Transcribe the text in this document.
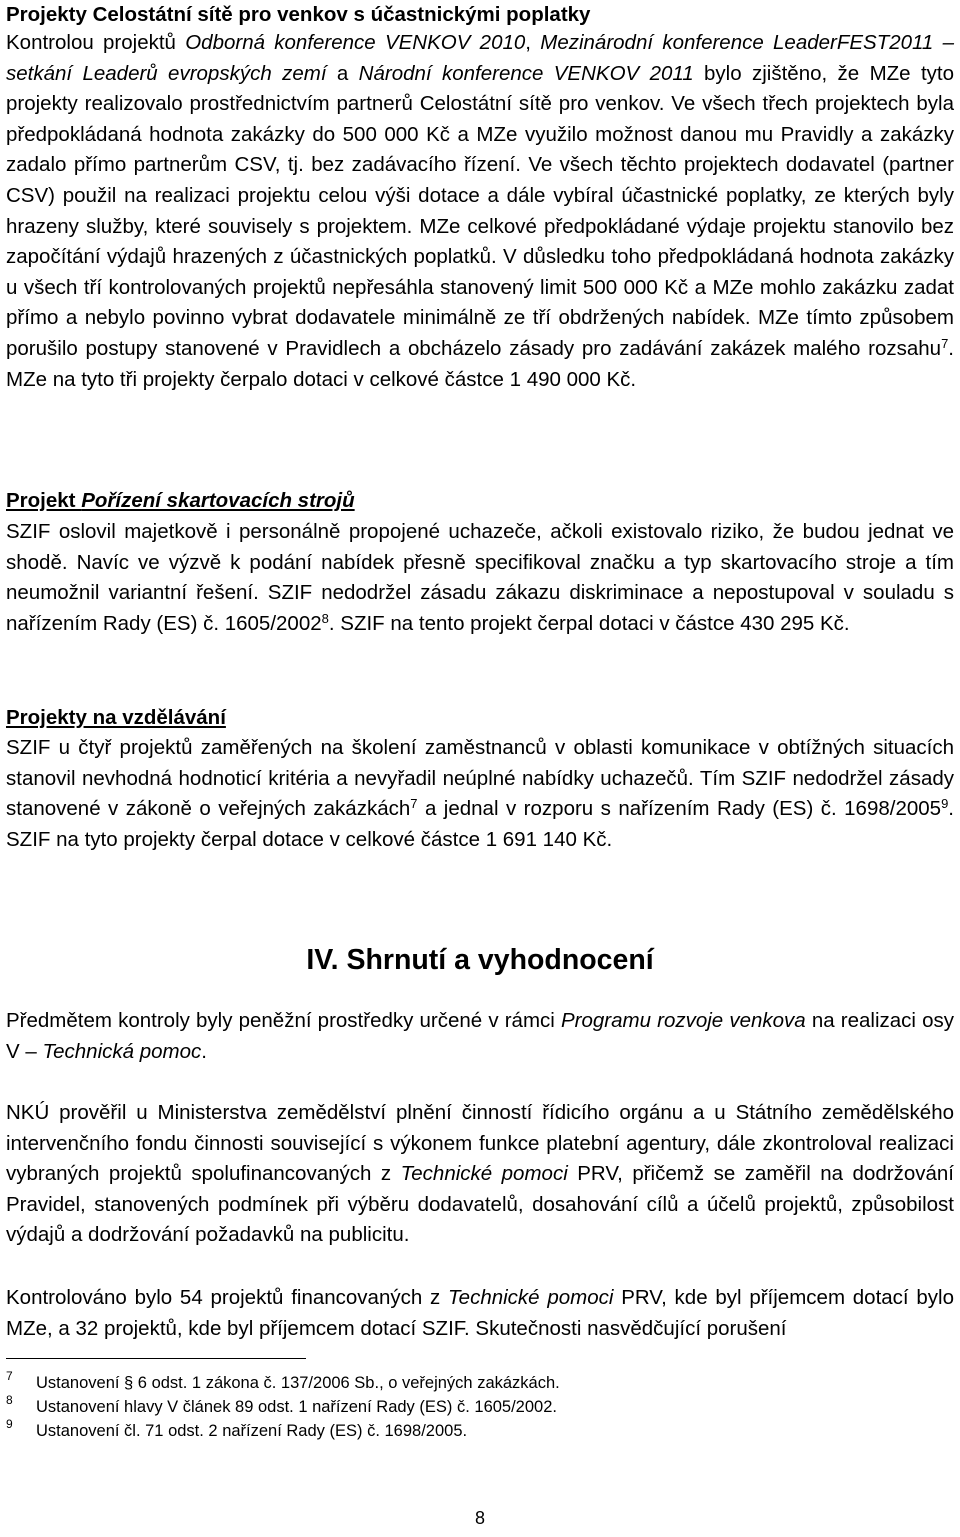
Projekty Celostátní sítě pro venkov s účastnickými poplatky

Kontrolou projektů Odborná konference VENKOV 2010, Mezinárodní konference LeaderFEST2011 – setkání Leaderů evropských zemí a Národní konference VENKOV 2011 bylo zjištěno, že MZe tyto projekty realizovalo prostřednictvím partnerů Celostátní sítě pro venkov. Ve všech třech projektech byla předpokládaná hodnota zakázky do 500 000 Kč a MZe využilo možnost danou mu Pravidly a zakázky zadalo přímo partnerům CSV, tj. bez zadávacího řízení. Ve všech těchto projektech dodavatel (partner CSV) použil na realizaci projektu celou výši dotace a dále vybíral účastnické poplatky, ze kterých byly hrazeny služby, které souvisely s projektem. MZe celkové předpokládané výdaje projektu stanovilo bez započítání výdajů hrazených z účastnických poplatků. V důsledku toho předpokládaná hodnota zakázky u všech tří kontrolovaných projektů nepřesáhla stanovený limit 500 000 Kč a MZe mohlo zakázku zadat přímo a nebylo povinno vybrat dodavatele minimálně ze tří obdržených nabídek. MZe tímto způsobem porušilo postupy stanovené v Pravidlech a obcházelo zásady pro zadávání zakázek malého rozsahu$^7$. MZe na tyto tři projekty čerpalo dotaci v celkové částce 1 490 000 Kč.

Projekt Pořízení skartovacích strojů

SZIF oslovil majetkově i personálně propojené uchazeče, ačkoli existovalo riziko, že budou jednat ve shodě. Navíc ve výzvě k podání nabídek přesně specifikoval značku a typ skartovacího stroje a tím neumožnil variantní řešení. SZIF nedodržel zásadu zákazu diskriminace a nepostupoval v souladu s nařízením Rady (ES) č. 1605/2002$^8$. SZIF na tento projekt čerpal dotaci v částce 430 295 Kč.

Projekty na vzdělávání

SZIF u čtyř projektů zaměřených na školení zaměstnanců v oblasti komunikace v obtížných situacích stanovil nevhodná hodnoticí kritéria a nevyřadil neúplné nabídky uchazečů. Tím SZIF nedodržel zásady stanovené v zákoně o veřejných zakázkách$^7$ a jednal v rozporu s nařízením Rady (ES) č. 1698/2005$^9$. SZIF na tyto projekty čerpal dotace v celkové částce 1 691 140 Kč.

IV. Shrnutí a vyhodnocení

Předmětem kontroly byly peněžní prostředky určené v rámci Programu rozvoje venkova na realizaci osy V – Technická pomoc.

NKÚ prověřil u Ministerstva zemědělství plnění činností řídicího orgánu a u Státního zemědělského intervenčního fondu činnosti související s výkonem funkce platební agentury, dále zkontroloval realizaci vybraných projektů spolufinancovaných z Technické pomoci PRV, přičemž se zaměřil na dodržování Pravidel, stanovených podmínek při výběru dodavatelů, dosahování cílů a účelů projektů, způsobilost výdajů a dodržování požadavků na publicitu.

Kontrolováno bylo 54 projektů financovaných z Technické pomoci PRV, kde byl příjemcem dotací bylo MZe, a 32 projektů, kde byl příjemcem dotací SZIF. Skutečnosti nasvědčující porušení

7 Ustanovení § 6 odst. 1 zákona č. 137/2006 Sb., o veřejných zakázkách.
8 Ustanovení hlavy V článek 89 odst. 1 nařízení Rady (ES) č. 1605/2002.
9 Ustanovení čl. 71 odst. 2 nařízení Rady (ES) č. 1698/2005.
8
